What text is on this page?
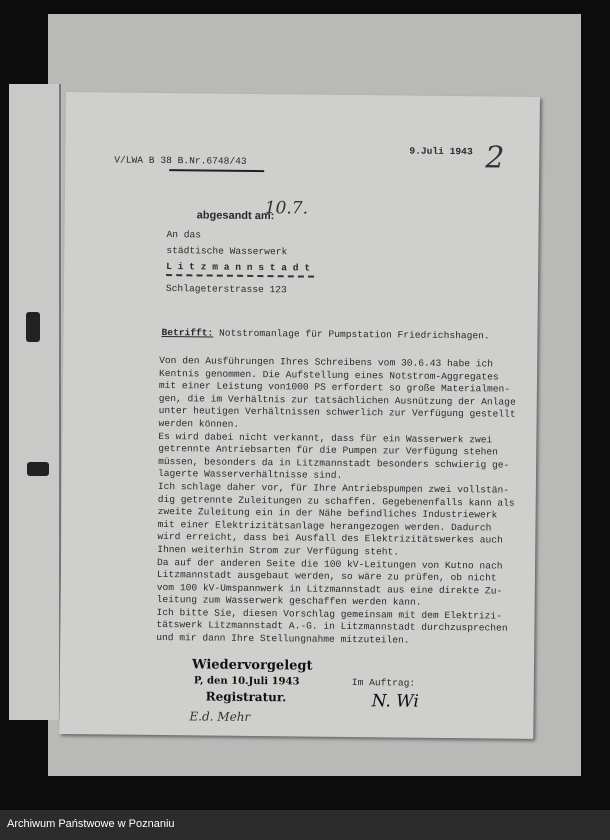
V/LWA B 38 B.Nr.6748/43
9.Juli 1943 2
abgesandt am:
10.7.
An das
städtische Wasserwerk
L i t z m a n n s t a d t
Schlageterstrasse 123
Betrifft: Notstromanlage für Pumpstation Friedrichshagen.
Von den Ausführungen Ihres Schreibens vom 30.6.43 habe ich
Kentnis genommen. Die Aufstellung eines Notstrom-Aggregates
mit einer Leistung von1000 PS erfordert so große Materialmen-
gen, die im Verhältnis zur tatsächlichen Ausnützung der Anlage
unter heutigen Verhältnissen schwerlich zur Verfügung gestellt
werden können.
Es wird dabei nicht verkannt, dass für ein Wasserwerk zwei
getrennte Antriebsarten für die Pumpen zur Verfügung stehen
müssen, besonders da in Litzmannstadt besonders schwierig ge-
lagerte Wasserverhältnisse sind.
Ich schlage daher vor, für Ihre Antriebspumpen zwei vollstän-
dig getrennte Zuleitungen zu schaffen. Gegebenenfalls kann als
zweite Zuleitung ein in der Nähe befindliches Industriewerk
mit einer Elektrizitätsanlage herangezogen werden. Dadurch
wird erreicht, dass bei Ausfall des Elektrizitätswerkes auch
Ihnen weiterhin Strom zur Verfügung steht.
Da auf der anderen Seite die 100 kV-Leitungen von Kutno nach
Litzmannstadt ausgebaut werden, so wäre zu prüfen, ob nicht
vom 100 kV-Umspannwerk in Litzmannstadt aus eine direkte Zu-
leitung zum Wasserwerk geschaffen werden kann.
Ich bitte Sie, diesen Vorschlag gemeinsam mit dem Elektrizi-
tätswerk Litzmannstadt A.-G. in Litzmannstadt durchzusprechen
und mir dann Ihre Stellungnahme mitzuteilen.
Wiedervorgelegt
P, den 10.Juli 1943
Registratur.
E.d. Mehr
Im Auftrag:
N. Wi
Archiwum Państwowe w Poznaniu
